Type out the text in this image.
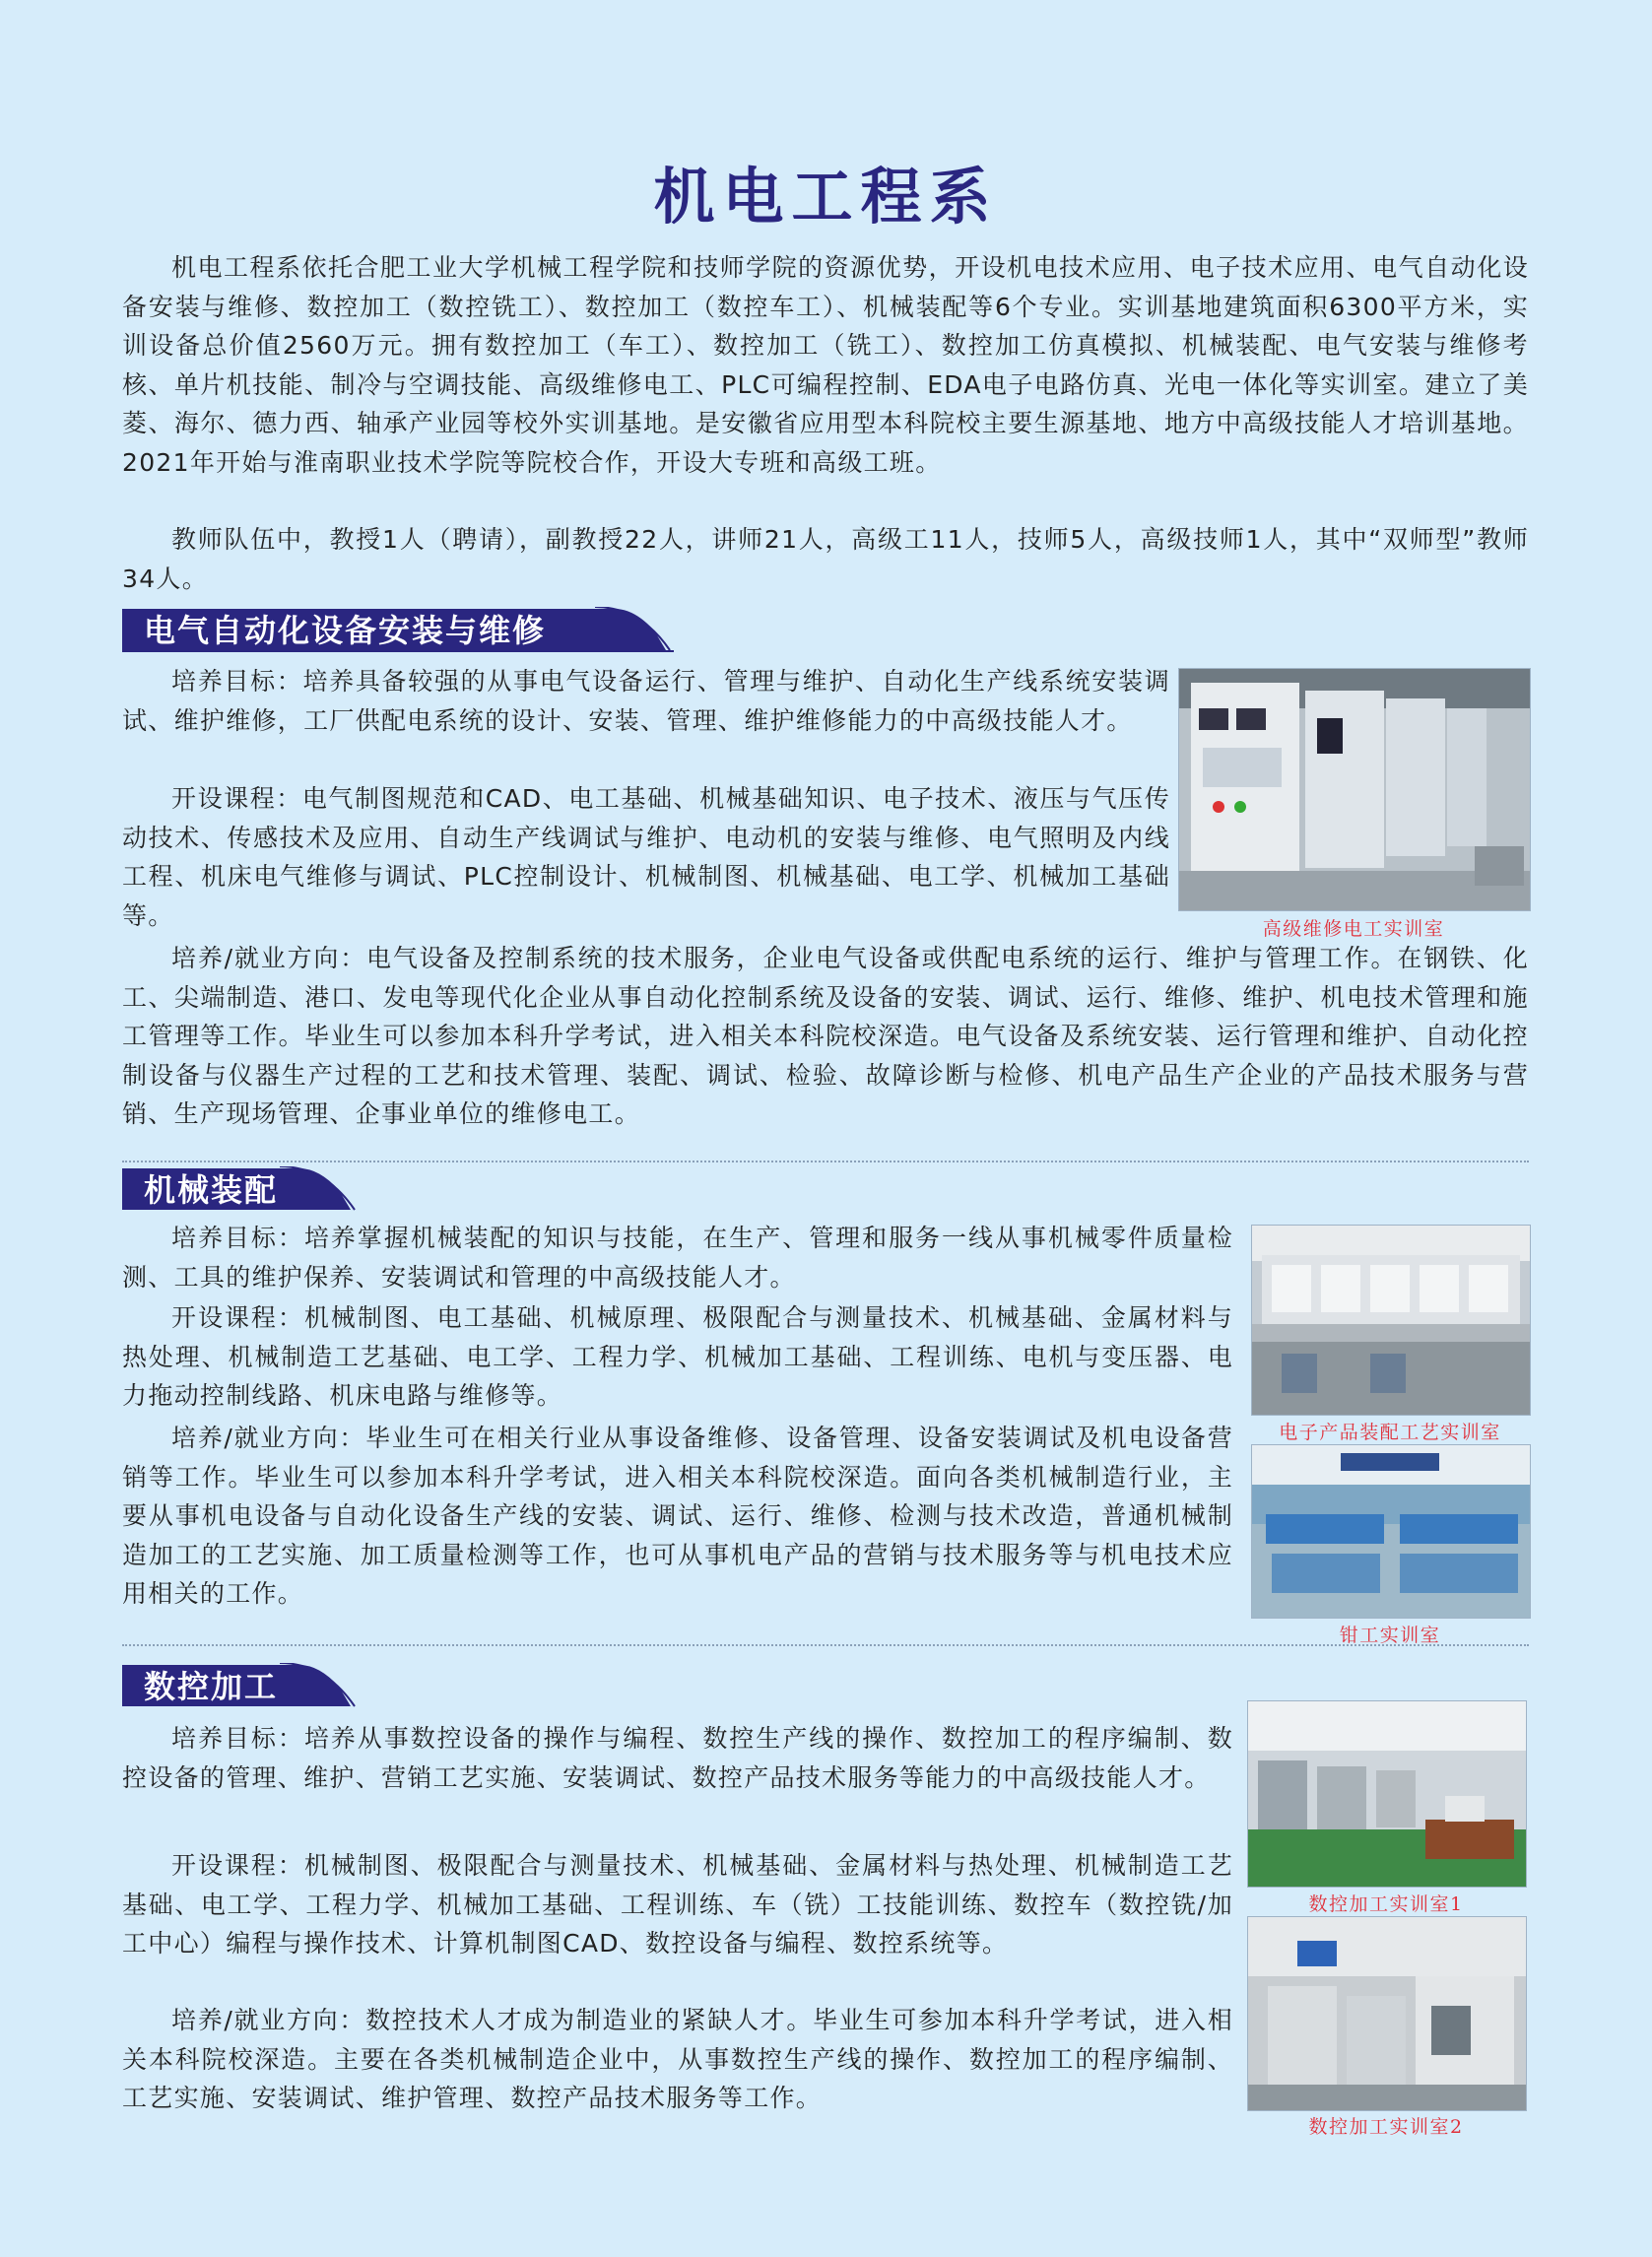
机电工程系

机电工程系依托合肥工业大学机械工程学院和技师学院的资源优势，开设机电技术应用、电子技术应用、电气自动化设备安装与维修、数控加工（数控铣工）、数控加工（数控车工）、机械装配等6个专业。实训基地建筑面积6300平方米，实训设备总价值2560万元。拥有数控加工（车工）、数控加工（铣工）、数控加工仿真模拟、机械装配、电气安装与维修考核、单片机技能、制冷与空调技能、高级维修电工、PLC可编程控制、EDA电子电路仿真、光电一体化等实训室。建立了美菱、海尔、德力西、轴承产业园等校外实训基地。是安徽省应用型本科院校主要生源基地、地方中高级技能人才培训基地。2021年开始与淮南职业技术学院等院校合作，开设大专班和高级工班。

教师队伍中，教授1人（聘请），副教授22人，讲师21人，高级工11人，技师5人，高级技师1人，其中“双师型”教师34人。

电气自动化设备安装与维修

培养目标：培养具备较强的从事电气设备运行、管理与维护、自动化生产线系统安装调试、维护维修，工厂供配电系统的设计、安装、管理、维护维修能力的中高级技能人才。

开设课程：电气制图规范和CAD、电工基础、机械基础知识、电子技术、液压与气压传动技术、传感技术及应用、自动生产线调试与维护、电动机的安装与维修、电气照明及内线工程、机床电气维修与调试、PLC控制设计、机械制图、机械基础、电工学、机械加工基础等。

培养/就业方向：电气设备及控制系统的技术服务，企业电气设备或供配电系统的运行、维护与管理工作。在钢铁、化工、尖端制造、港口、发电等现代化企业从事自动化控制系统及设备的安装、调试、运行、维修、维护、机电技术管理和施工管理等工作。毕业生可以参加本科升学考试，进入相关本科院校深造。电气设备及系统安装、运行管理和维护、自动化控制设备与仪器生产过程的工艺和技术管理、装配、调试、检验、故障诊断与检修、机电产品生产企业的产品技术服务与营销、生产现场管理、企事业单位的维修电工。

高级维修电工实训室
机械装配

培养目标：培养掌握机械装配的知识与技能，在生产、管理和服务一线从事机械零件质量检测、工具的维护保养、安装调试和管理的中高级技能人才。

开设课程：机械制图、电工基础、机械原理、极限配合与测量技术、机械基础、金属材料与热处理、机械制造工艺基础、电工学、工程力学、机械加工基础、工程训练、电机与变压器、电力拖动控制线路、机床电路与维修等。

培养/就业方向：毕业生可在相关行业从事设备维修、设备管理、设备安装调试及机电设备营销等工作。毕业生可以参加本科升学考试，进入相关本科院校深造。面向各类机械制造行业，主要从事机电设备与自动化设备生产线的安装、调试、运行、维修、检测与技术改造，普通机械制造加工的工艺实施、加工质量检测等工作，也可从事机电产品的营销与技术服务等与机电技术应用相关的工作。

电子产品装配工艺实训室
钳工实训室
数控加工

培养目标：培养从事数控设备的操作与编程、数控生产线的操作、数控加工的程序编制、数控设备的管理、维护、营销工艺实施、安装调试、数控产品技术服务等能力的中高级技能人才。

开设课程：机械制图、极限配合与测量技术、机械基础、金属材料与热处理、机械制造工艺基础、电工学、工程力学、机械加工基础、工程训练、车（铣）工技能训练、数控车（数控铣/加工中心）编程与操作技术、计算机制图CAD、数控设备与编程、数控系统等。

培养/就业方向：数控技术人才成为制造业的紧缺人才。毕业生可参加本科升学考试，进入相关本科院校深造。主要在各类机械制造企业中，从事数控生产线的操作、数控加工的程序编制、工艺实施、安装调试、维护管理、数控产品技术服务等工作。

数控加工实训室1
数控加工实训室2
